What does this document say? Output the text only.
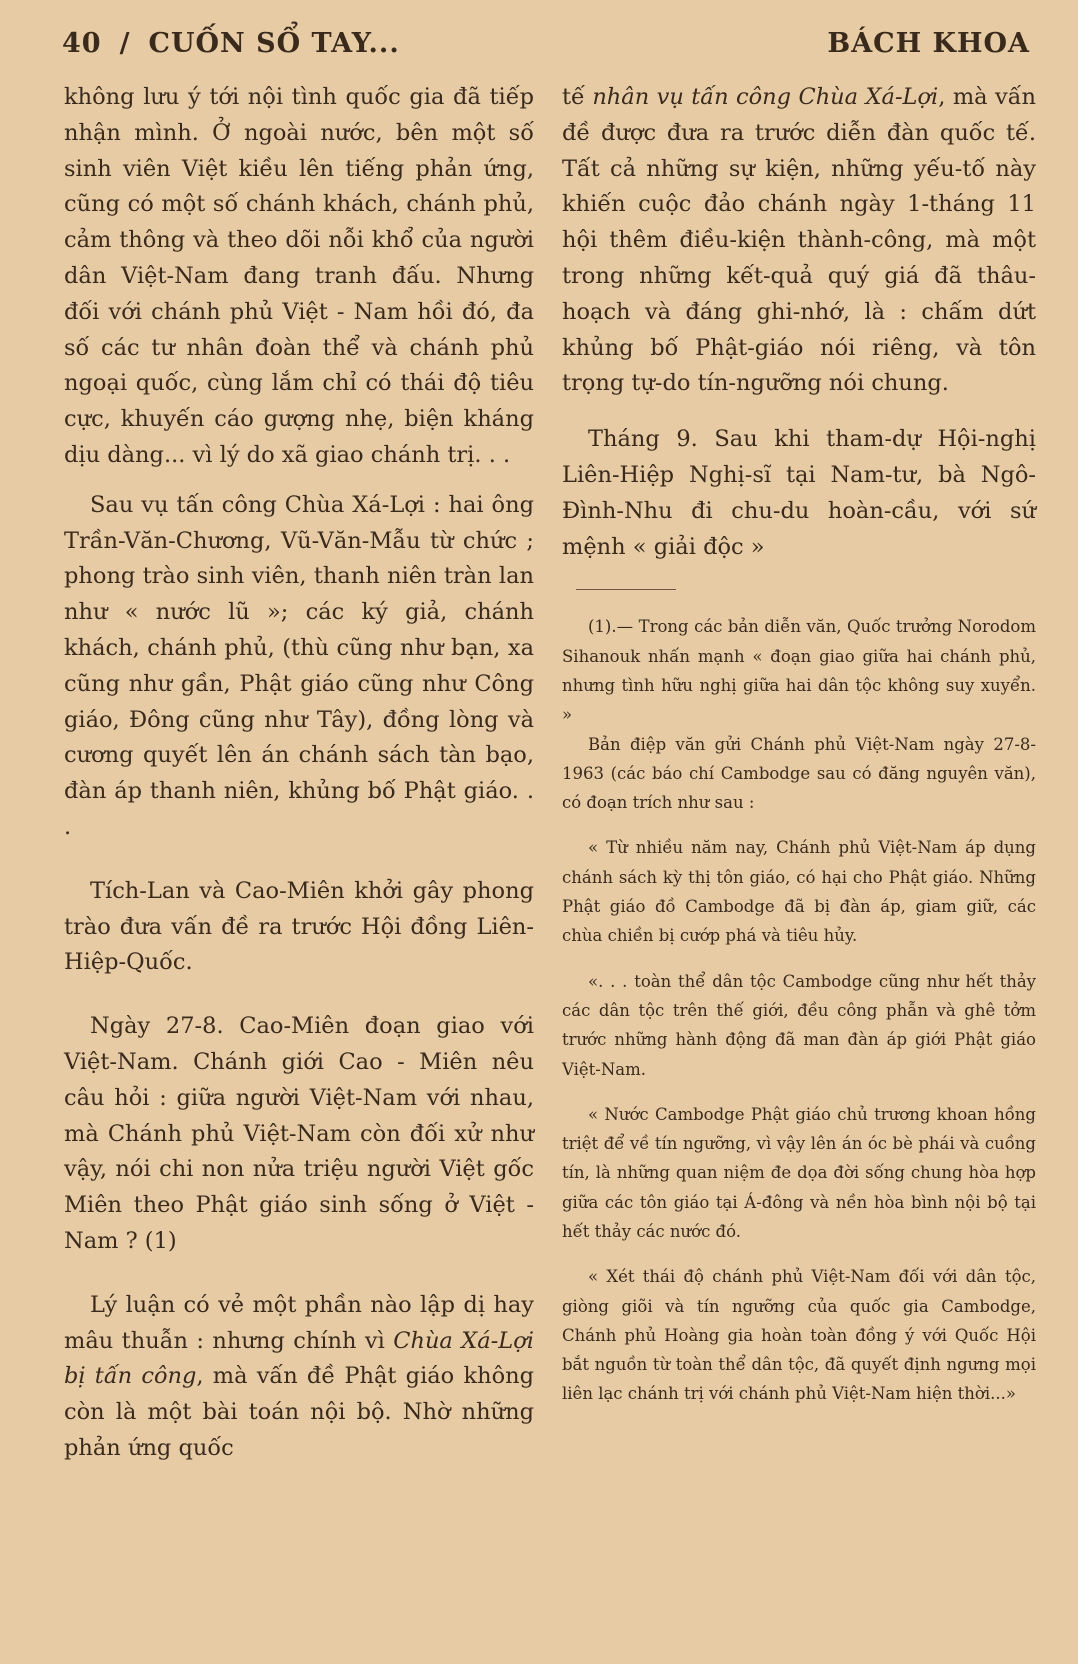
40 / CUỐN SỔ TAY...	BÁCH KHOA

không lưu ý tới nội tình quốc gia đã tiếp nhận mình. Ở ngoài nước, bên một số sinh viên Việt kiều lên tiếng phản ứng, cũng có một số chánh khách, chánh phủ, cảm thông và theo dõi nỗi khổ của người dân Việt-Nam đang tranh đấu. Nhưng đối với chánh phủ Việt - Nam hồi đó, đa số các tư nhân đoàn thể và chánh phủ ngoại quốc, cùng lắm chỉ có thái độ tiêu cực, khuyến cáo gượng nhẹ, biện kháng dịu dàng... vì lý do xã giao chánh trị. . .

Sau vụ tấn công Chùa Xá-Lợi : hai ông Trần-Văn-Chương, Vũ-Văn-Mẫu từ chức ; phong trào sinh viên, thanh niên tràn lan như « nước lũ »; các ký giả, chánh khách, chánh phủ, (thù cũng như bạn, xa cũng như gần, Phật giáo cũng như Công giáo, Đông cũng như Tây), đồng lòng và cương quyết lên án chánh sách tàn bạo, đàn áp thanh niên, khủng bố Phật giáo. . .

Tích-Lan và Cao-Miên khởi gây phong trào đưa vấn đề ra trước Hội đồng Liên-Hiệp-Quốc.

Ngày 27-8. Cao-Miên đoạn giao với Việt-Nam. Chánh giới Cao - Miên nêu câu hỏi : giữa người Việt-Nam với nhau, mà Chánh phủ Việt-Nam còn đối xử như vậy, nói chi non nửa triệu người Việt gốc Miên theo Phật giáo sinh sống ở Việt - Nam ? (1)

Lý luận có vẻ một phần nào lập dị hay mâu thuẫn : nhưng chính vì Chùa Xá-Lợi bị tấn công, mà vấn đề Phật giáo không còn là một bài toán nội bộ. Nhờ những phản ứng quốc

tế nhân vụ tấn công Chùa Xá-Lợi, mà vấn đề được đưa ra trước diễn đàn quốc tế. Tất cả những sự kiện, những yếu-tố này khiến cuộc đảo chánh ngày 1-tháng 11 hội thêm điều-kiện thành-công, mà một trong những kết-quả quý giá đã thâu-hoạch và đáng ghi-nhớ, là : chấm dứt khủng bố Phật-giáo nói riêng, và tôn trọng tự-do tín-ngưỡng nói chung.

Tháng 9. Sau khi tham-dự Hội-nghị Liên-Hiệp Nghị-sĩ tại Nam-tư, bà Ngô-Đình-Nhu đi chu-du hoàn-cầu, với sứ mệnh « giải độc »

(1).— Trong các bản diễn văn, Quốc trưởng Norodom Sihanouk nhấn mạnh « đoạn giao giữa hai chánh phủ, nhưng tình hữu nghị giữa hai dân tộc không suy xuyển. »

Bản điệp văn gửi Chánh phủ Việt-Nam ngày 27-8-1963 (các báo chí Cambodge sau có đăng nguyên văn), có đoạn trích như sau :

« Từ nhiều năm nay, Chánh phủ Việt-Nam áp dụng chánh sách kỳ thị tôn giáo, có hại cho Phật giáo. Những Phật giáo đồ Cambodge đã bị đàn áp, giam giữ, các chùa chiền bị cướp phá và tiêu hủy.

«. . . toàn thể dân tộc Cambodge cũng như hết thảy các dân tộc trên thế giới, đều công phẫn và ghê tởm trước những hành động đã man đàn áp giới Phật giáo Việt-Nam.

« Nước Cambodge Phật giáo chủ trương khoan hồng triệt để về tín ngưỡng, vì vậy lên án óc bè phái và cuồng tín, là những quan niệm đe dọa đời sống chung hòa hợp giữa các tôn giáo tại Á-đông và nền hòa bình nội bộ tại hết thảy các nước đó.

« Xét thái độ chánh phủ Việt-Nam đối với dân tộc, giòng giõi và tín ngưỡng của quốc gia Cambodge, Chánh phủ Hoàng gia hoàn toàn đồng ý với Quốc Hội bắt nguồn từ toàn thể dân tộc, đã quyết định ngưng mọi liên lạc chánh trị với chánh phủ Việt-Nam hiện thời...»
